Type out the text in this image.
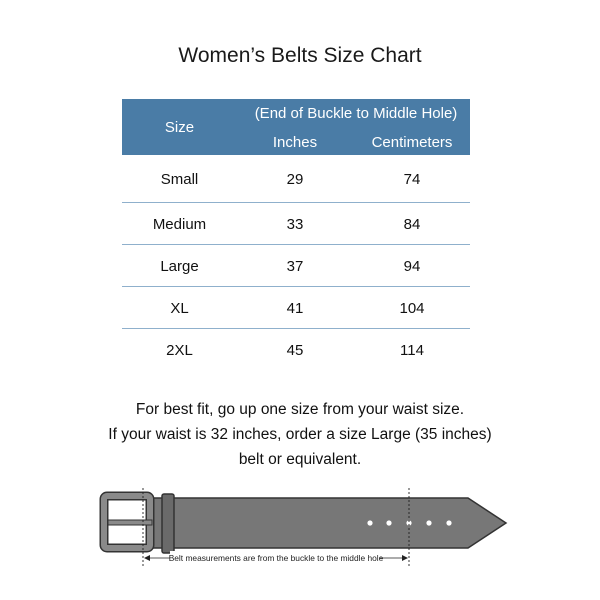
Women’s Belts Size Chart
Size
(End of Buckle to Middle Hole)
Inches	Centimeters
Small	29	74
Medium	33	84
Large	37	94
XL	41	104
2XL	45	114
For best fit, go up one size from your waist size.
If your waist is 32 inches, order a size Large (35 inches)
belt or equivalent.
Belt measurements are from the buckle to the middle hole
